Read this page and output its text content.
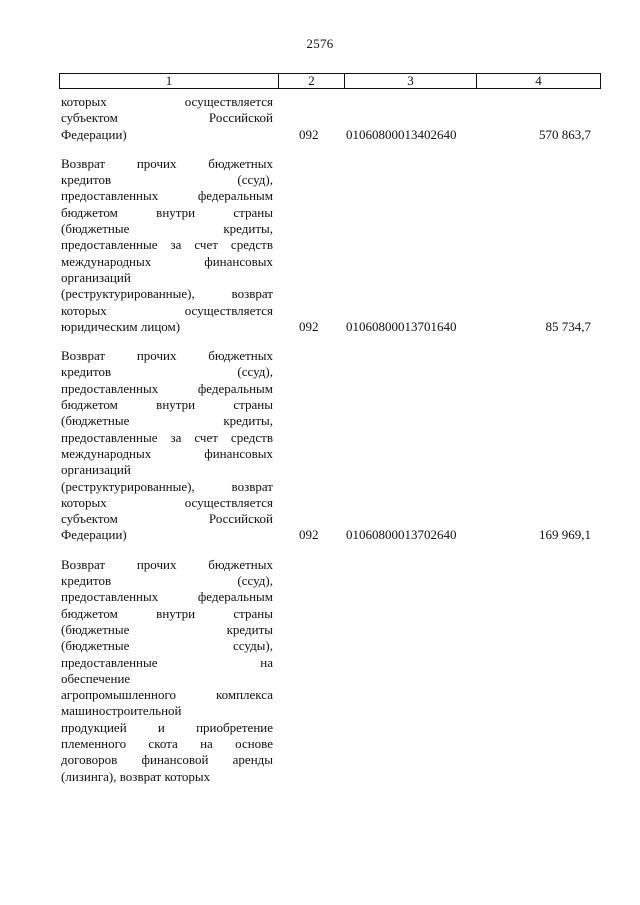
2576
1	2	3	4
которых осуществляется
субъектом Российской
Федерации)	092 01060800013402640	570 863,7
Возврат прочих бюджетных
кредитов (ссуд),
предоставленных федеральным
бюджетом внутри страны
(бюджетные кредиты,
предоставленные за счет средств
международных финансовых
организаций
(реструктурированные), возврат
которых осуществляется
юридическим лицом)	092 01060800013701640	85 734,7
Возврат прочих бюджетных
кредитов (ссуд),
предоставленных федеральным
бюджетом внутри страны
(бюджетные кредиты,
предоставленные за счет средств
международных финансовых
организаций
(реструктурированные), возврат
которых осуществляется
субъектом Российской
Федерации)	092 01060800013702640	169 969,1
Возврат прочих бюджетных
кредитов (ссуд),
предоставленных федеральным
бюджетом внутри страны
(бюджетные кредиты
(бюджетные ссуды),
предоставленные на
обеспечение
агропромышленного комплекса
машиностроительной
продукцией и приобретение
племенного скота на основе
договоров финансовой аренды
(лизинга), возврат которых
